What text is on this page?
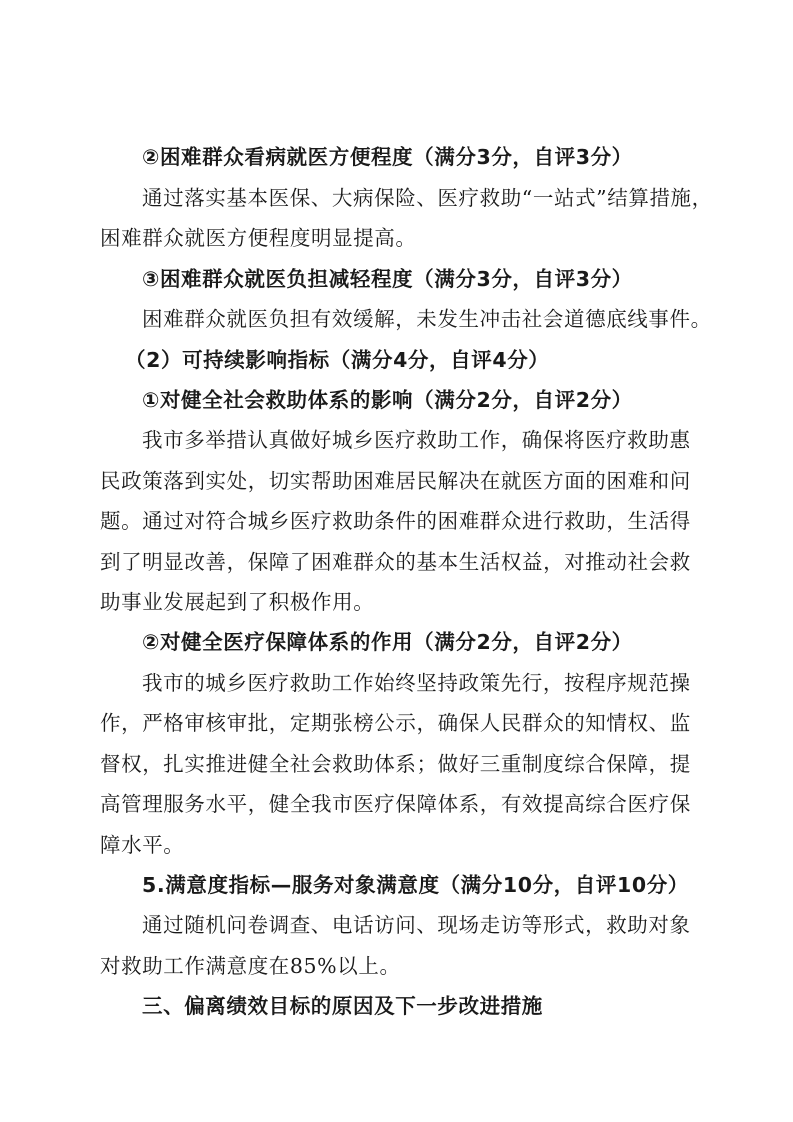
②困难群众看病就医方便程度（满分3分，自评3分）
通过落实基本医保、大病保险、医疗救助“一站式”结算措施，
困难群众就医方便程度明显提高。
③困难群众就医负担减轻程度（满分3分，自评3分）
困难群众就医负担有效缓解，未发生冲击社会道德底线事件。
（2）可持续影响指标（满分4分，自评4分）
①对健全社会救助体系的影响（满分2分，自评2分）
我市多举措认真做好城乡医疗救助工作，确保将医疗救助惠
民政策落到实处，切实帮助困难居民解决在就医方面的困难和问
题。通过对符合城乡医疗救助条件的困难群众进行救助，生活得
到了明显改善，保障了困难群众的基本生活权益，对推动社会救
助事业发展起到了积极作用。
②对健全医疗保障体系的作用（满分2分，自评2分）
我市的城乡医疗救助工作始终坚持政策先行，按程序规范操
作，严格审核审批，定期张榜公示，确保人民群众的知情权、监
督权，扎实推进健全社会救助体系；做好三重制度综合保障，提
高管理服务水平，健全我市医疗保障体系，有效提高综合医疗保
障水平。
5.满意度指标—服务对象满意度（满分10分，自评10分）
通过随机问卷调查、电话访问、现场走访等形式，救助对象
对救助工作满意度在85%以上。
三、偏离绩效目标的原因及下一步改进措施
